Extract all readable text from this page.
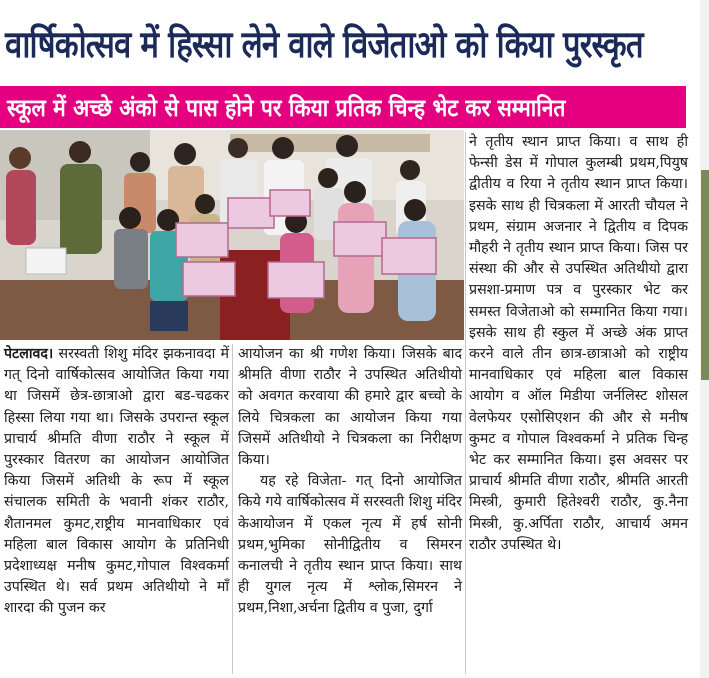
वार्षिकोत्सव में हिस्सा लेने वाले विजेताओ को किया पुरस्कृत
स्कूल में अच्छे अंको से पास होने पर किया प्रतिक चिन्ह भेट कर सम्मानित

पेटलावद। सरस्वती शिशु मंदिर झकनावदा में गत् दिनो वार्षिकोत्सव आयोजित किया गया था जिसमें छेत्र-छात्राओ द्वारा बड-चढकर हिस्सा लिया गया था। जिसके उपरान्त स्कूल प्राचार्य श्रीमति वीणा राठौर ने स्कूल में पुरस्कार वितरण का आयोजन आयोजित किया जिसमें अतिथी के रूप में स्कूल संचालक समिती के भवानी शंकर राठौर, शैतानमल कुमट,राष्ट्रीय मानवाधिकार एवं महिला बाल विकास आयोग के प्रतिनिधी प्रदेशाध्यक्ष मनीष कुमट,गोपाल विश्वकर्मा उपस्थित थे। सर्व प्रथम अतिथीयो ने माँ शारदा की पुजन कर

आयोजन का श्री गणेश किया। जिसके बाद श्रीमति वीणा राठौर ने उपस्थित अतिथीयो को अवगत करवाया की हमारे द्वार बच्चो के लिये चित्रकला का आयोजन किया गया जिसमें अतिथीयो ने चित्रकला का निरीक्षण किया।

यह रहे विजेता- गत् दिनो आयोजित किये गये वार्षिकोत्सव में सरस्वती शिशु मंदिर केआयोजन में एकल नृत्य में हर्ष सोनी प्रथम,भुमिका सोनीद्वितीय व सिमरन कनालची ने तृतीय स्थान प्राप्त किया। साथ ही युगल नृत्य में श्लोक,सिमरन ने प्रथम,निशा,अर्चना द्वितीय व पुजा, दुर्गा

ने तृतीय स्थान प्राप्त किया। व साथ ही फेन्सी डेस में गोपाल कुलम्बी प्रथम,पियुष द्वीतीय व रिया ने तृतीय स्थान प्राप्त किया। इसके साथ ही चित्रकला में आरती चौयल ने प्रथम, संग्राम अजनार ने द्वितीय व दिपक मौहरी ने तृतीय स्थान प्राप्त किया। जिस पर संस्था की और से उपस्थित अतिथीयो द्वारा प्रसशा-प्रमाण पत्र व पुरस्कार भेट कर समस्त विजेताओ को सम्मानित किया गया। इसके साथ ही स्कुल में अच्छे अंक प्राप्त करने वाले तीन छात्र-छात्राओ को राष्ट्रीय मानवाधिकार एवं महिला बाल विकास आयोग व ऑल मिडीया जर्नलिस्ट शोसल वेलफेयर एसोसिएशन की और से मनीष कुमट व गोपाल विश्वकर्मा ने प्रतिक चिन्ह भेट कर सम्मानित किया। इस अवसर पर प्राचार्य श्रीमति वीणा राठौर, श्रीमति आरती मिस्त्री, कुमारी हितेश्वरी राठौर, कु.नैना मिस्त्री, कु.अर्पिता राठौर, आचार्य अमन राठौर उपस्थित थे।
